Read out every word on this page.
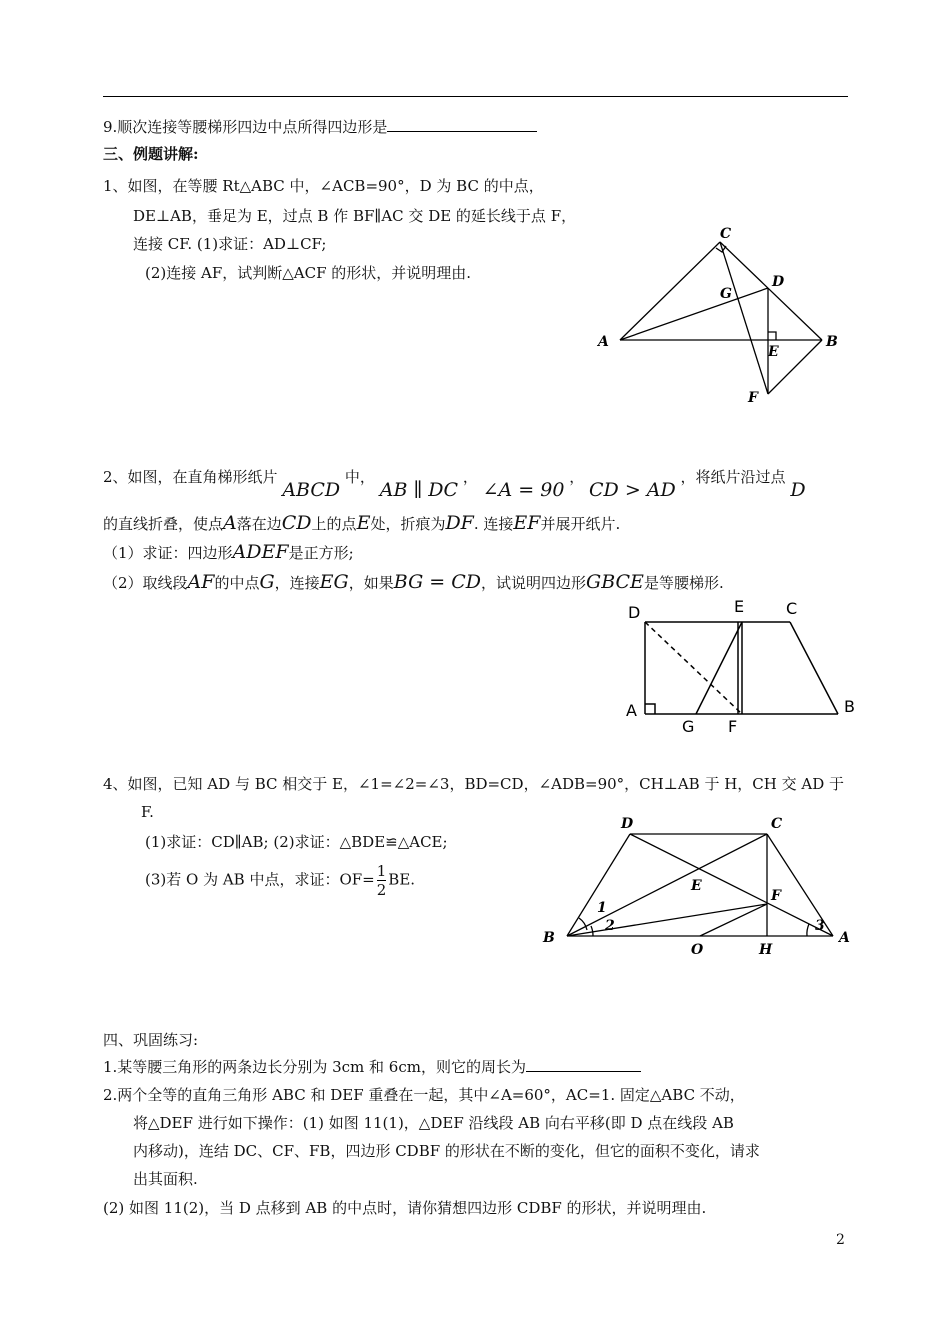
9.顺次连接等腰梯形四边中点所得四边形是
三、例题讲解:
1、如图，在等腰 Rt△ABC 中，∠ACB=90°，D 为 BC 的中点，
DE⊥AB，垂足为 E，过点 B 作 BF∥AC 交 DE 的延长线于点 F，
连接 CF. (1)求证：AD⊥CF;
(2)连接 AF，试判断△ACF 的形状，并说明理由.
C
D
G
A
E
B
F
2、如图，在直角梯形纸片 ABCD 中， AB ∥ DC ， ∠A = 90 ， CD > AD ，将纸片沿过点 D
的直线折叠，使点A落在边CD上的点E处，折痕为DF. 连接EF并展开纸片.
（1）求证：四边形ADEF是正方形;
（2）取线段AF的中点G，连接EG，如果BG = CD，试说明四边形GBCE是等腰梯形.
D	E	C
A	B
G F
4、如图，已知 AD 与 BC 相交于 E，∠1=∠2=∠3，BD=CD，∠ADB=90°，CH⊥AB 于 H，CH 交 AD 于
F.
(1)求证：CD∥AB; (2)求证：△BDE≌△ACE;
(3)若 O 为 AB 中点，求证：$OF= \frac{1}{2}$ BE.
D	C
E
F
B
O	H
A
1
2	3
四、巩固练习:
1.某等腰三角形的两条边长分别为 3cm 和 6cm，则它的周长为
2.两个全等的直角三角形 ABC 和 DEF 重叠在一起，其中∠A=60°，AC=1. 固定△ABC 不动，
将△DEF 进行如下操作：(1) 如图 11(1)，△DEF 沿线段 AB 向右平移(即 D 点在线段 AB
内移动)，连结 DC、CF、FB，四边形 CDBF 的形状在不断的变化，但它的面积不变化，请求
出其面积.
(2) 如图 11(2)，当 D 点移到 AB 的中点时，请你猜想四边形 CDBF 的形状，并说明理由.
2
